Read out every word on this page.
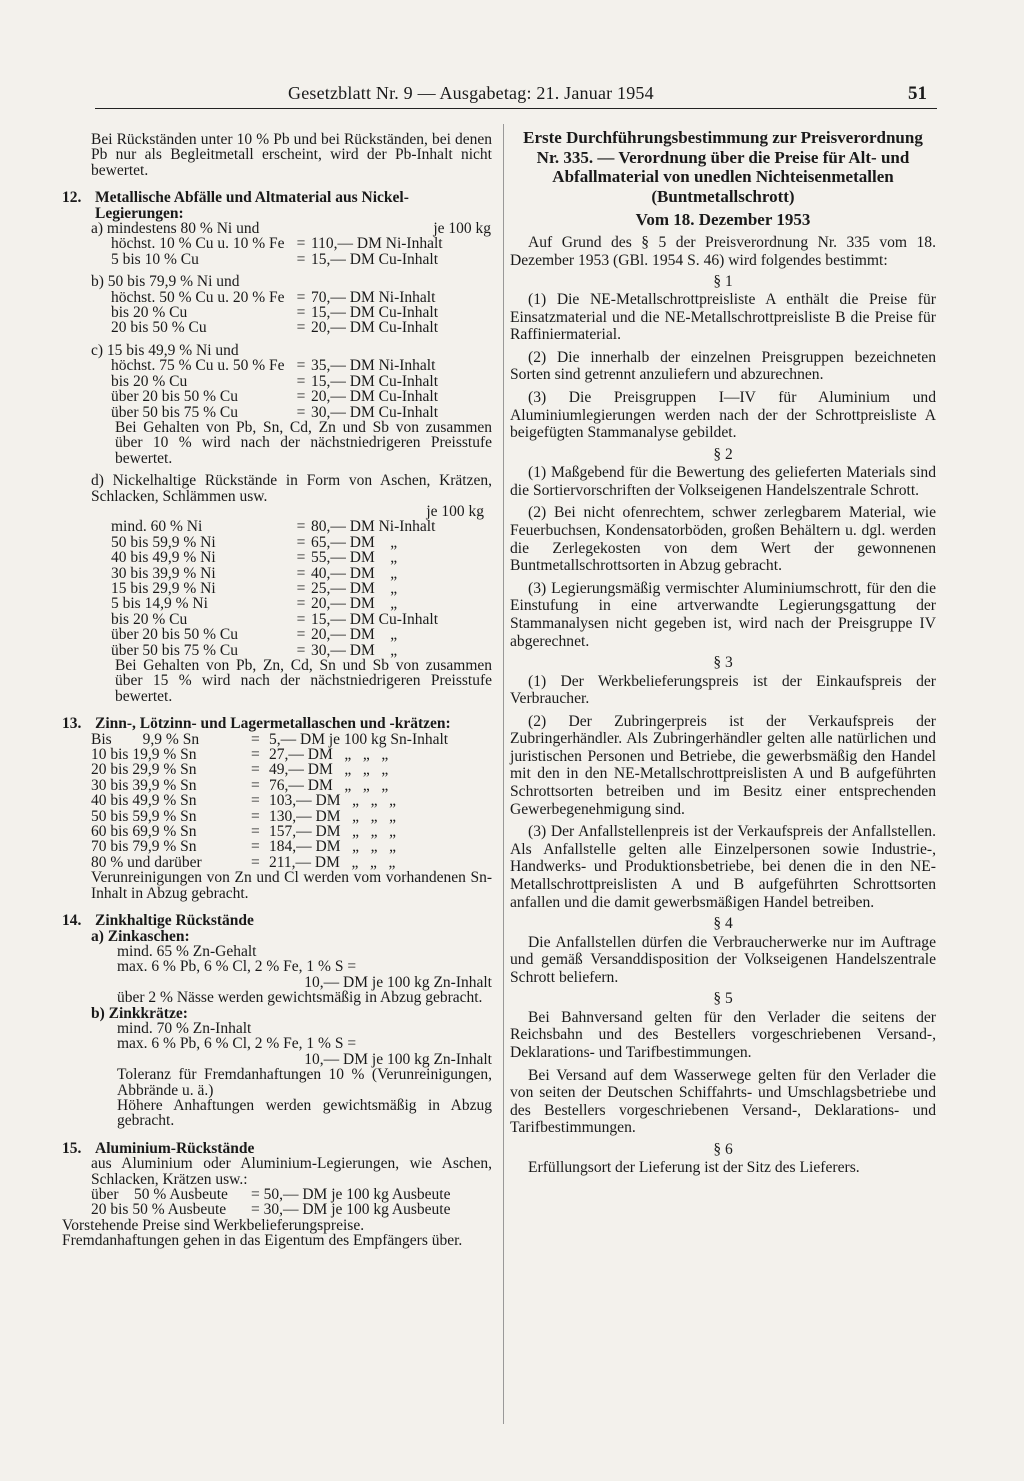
Gesetzblatt Nr. 9 — Ausgabetag: 21. Januar 1954	51

Bei Rückständen unter 10 % Pb und bei Rückständen, bei denen Pb nur als Begleitmetall erscheint, wird der Pb-Inhalt nicht bewertet.

12. Metallische Abfälle und Altmaterial aus Nickel-Legierungen:
a) mindestens 80 % Ni und	je 100 kg
höchst. 10 % Cu u. 10 % Fe = 110,— DM Ni-Inhalt
5 bis 10 % Cu	= 15,— DM Cu-Inhalt
b) 50 bis 79,9 % Ni und
höchst. 50 % Cu u. 20 % Fe = 70,— DM Ni-Inhalt
bis 20 % Cu	= 15,— DM Cu-Inhalt
20 bis 50 % Cu	= 20,— DM Cu-Inhalt
c) 15 bis 49,9 % Ni und
höchst. 75 % Cu u. 50 % Fe = 35,— DM Ni-Inhalt
bis 20 % Cu	= 15,— DM Cu-Inhalt
über 20 bis 50 % Cu	= 20,— DM Cu-Inhalt
über 50 bis 75 % Cu	= 30,— DM Cu-Inhalt

Bei Gehalten von Pb, Sn, Cd, Zn und Sb von zusammen über 10 % wird nach der nächstniedrigeren Preisstufe bewertet.

d) Nickelhaltige Rückstände in Form von Aschen, Krätzen, Schlacken, Schlämmen usw.

je 100 kg
mind. 60 % Ni	= 80,— DM Ni-Inhalt
50 bis 59,9 % Ni	= 65,— DM    „
40 bis 49,9 % Ni	= 55,— DM    „
30 bis 39,9 % Ni	= 40,— DM    „
15 bis 29,9 % Ni	= 25,— DM    „
5 bis 14,9 % Ni	= 20,— DM    „
bis 20 % Cu	= 15,— DM Cu-Inhalt
über 20 bis 50 % Cu	= 20,— DM    „
über 50 bis 75 % Cu	= 30,— DM    „

Bei Gehalten von Pb, Zn, Cd, Sn und Sb von zusammen über 15 % wird nach der nächstniedrigeren Preisstufe bewertet.

13. Zinn-, Lötzinn- und Lagermetallaschen und -krätzen:
Bis        9,9 % Sn	= 5,— DM je 100 kg Sn-Inhalt
10 bis 19,9 % Sn	= 27,— DM   „   „   „
20 bis 29,9 % Sn	= 49,— DM   „   „   „
30 bis 39,9 % Sn	= 76,— DM   „   „   „
40 bis 49,9 % Sn	= 103,— DM   „   „   „
50 bis 59,9 % Sn	= 130,— DM   „   „   „
60 bis 69,9 % Sn	= 157,— DM   „   „   „
70 bis 79,9 % Sn	= 184,— DM   „   „   „
80 % und darüber	= 211,— DM   „   „   „

Verunreinigungen von Zn und Cl werden vom vorhandenen Sn-Inhalt in Abzug gebracht.

14. Zinkhaltige Rückstände
a) Zinkaschen:
mind. 65 % Zn-Gehalt
max. 6 % Pb, 6 % Cl, 2 % Fe, 1 % S =
10,— DM je 100 kg Zn-Inhalt

über 2 % Nässe werden gewichtsmäßig in Abzug gebracht.

b) Zinkkrätze:
mind. 70 % Zn-Inhalt
max. 6 % Pb, 6 % Cl, 2 % Fe, 1 % S =
10,— DM je 100 kg Zn-Inhalt

Toleranz für Fremdanhaftungen 10 % (Verunreinigungen, Abbrände u. ä.)

Höhere Anhaftungen werden gewichtsmäßig in Abzug gebracht.

15. Aluminium-Rückstände

aus Aluminium oder Aluminium-Legierungen, wie Aschen, Schlacken, Krätzen usw.:

über    50 % Ausbeute	= 50,— DM je 100 kg Ausbeute
20 bis 50 % Ausbeute	= 30,— DM je 100 kg Ausbeute

Vorstehende Preise sind Werkbelieferungspreise.

Fremdanhaftungen gehen in das Eigentum des Empfängers über.

Erste Durchführungsbestimmung zur Preisverordnung Nr. 335. — Verordnung über die Preise für Alt- und Abfallmaterial von unedlen Nichteisenmetallen (Buntmetallschrott)
Vom 18. Dezember 1953

Auf Grund des § 5 der Preisverordnung Nr. 335 vom 18. Dezember 1953 (GBl. 1954 S. 46) wird folgendes bestimmt:

§ 1

(1) Die NE-Metallschrottpreisliste A enthält die Preise für Einsatzmaterial und die NE-Metallschrottpreisliste B die Preise für Raffiniermaterial.

(2) Die innerhalb der einzelnen Preisgruppen bezeichneten Sorten sind getrennt anzuliefern und abzurechnen.

(3) Die Preisgruppen I—IV für Aluminium und Aluminiumlegierungen werden nach der der Schrottpreisliste A beigefügten Stammanalyse gebildet.

§ 2

(1) Maßgebend für die Bewertung des gelieferten Materials sind die Sortiervorschriften der Volkseigenen Handelszentrale Schrott.

(2) Bei nicht ofenrechtem, schwer zerlegbarem Material, wie Feuerbuchsen, Kondensatorböden, großen Behältern u. dgl. werden die Zerlegekosten von dem Wert der gewonnenen Buntmetallschrottsorten in Abzug gebracht.

(3) Legierungsmäßig vermischter Aluminiumschrott, für den die Einstufung in eine artverwandte Legierungsgattung der Stammanalysen nicht gegeben ist, wird nach der Preisgruppe IV abgerechnet.

§ 3

(1) Der Werkbelieferungspreis ist der Einkaufspreis der Verbraucher.

(2) Der Zubringerpreis ist der Verkaufspreis der Zubringerhändler. Als Zubringerhändler gelten alle natürlichen und juristischen Personen und Betriebe, die gewerbsmäßig den Handel mit den in den NE-Metallschrottpreislisten A und B aufgeführten Schrottsorten betreiben und im Besitz einer entsprechenden Gewerbegenehmigung sind.

(3) Der Anfallstellenpreis ist der Verkaufspreis der Anfallstellen. Als Anfallstelle gelten alle Einzelpersonen sowie Industrie-, Handwerks- und Produktionsbetriebe, bei denen die in den NE-Metallschrottpreislisten A und B aufgeführten Schrottsorten anfallen und die damit gewerbsmäßigen Handel betreiben.

§ 4

Die Anfallstellen dürfen die Verbraucherwerke nur im Auftrage und gemäß Versanddisposition der Volkseigenen Handelszentrale Schrott beliefern.

§ 5

Bei Bahnversand gelten für den Verlader die seitens der Reichsbahn und des Bestellers vorgeschriebenen Versand-, Deklarations- und Tarifbestimmungen.

Bei Versand auf dem Wasserwege gelten für den Verlader die von seiten der Deutschen Schiffahrts- und Umschlagsbetriebe und des Bestellers vorgeschriebenen Versand-, Deklarations- und Tarifbestimmungen.

§ 6

Erfüllungsort der Lieferung ist der Sitz des Lieferers.
